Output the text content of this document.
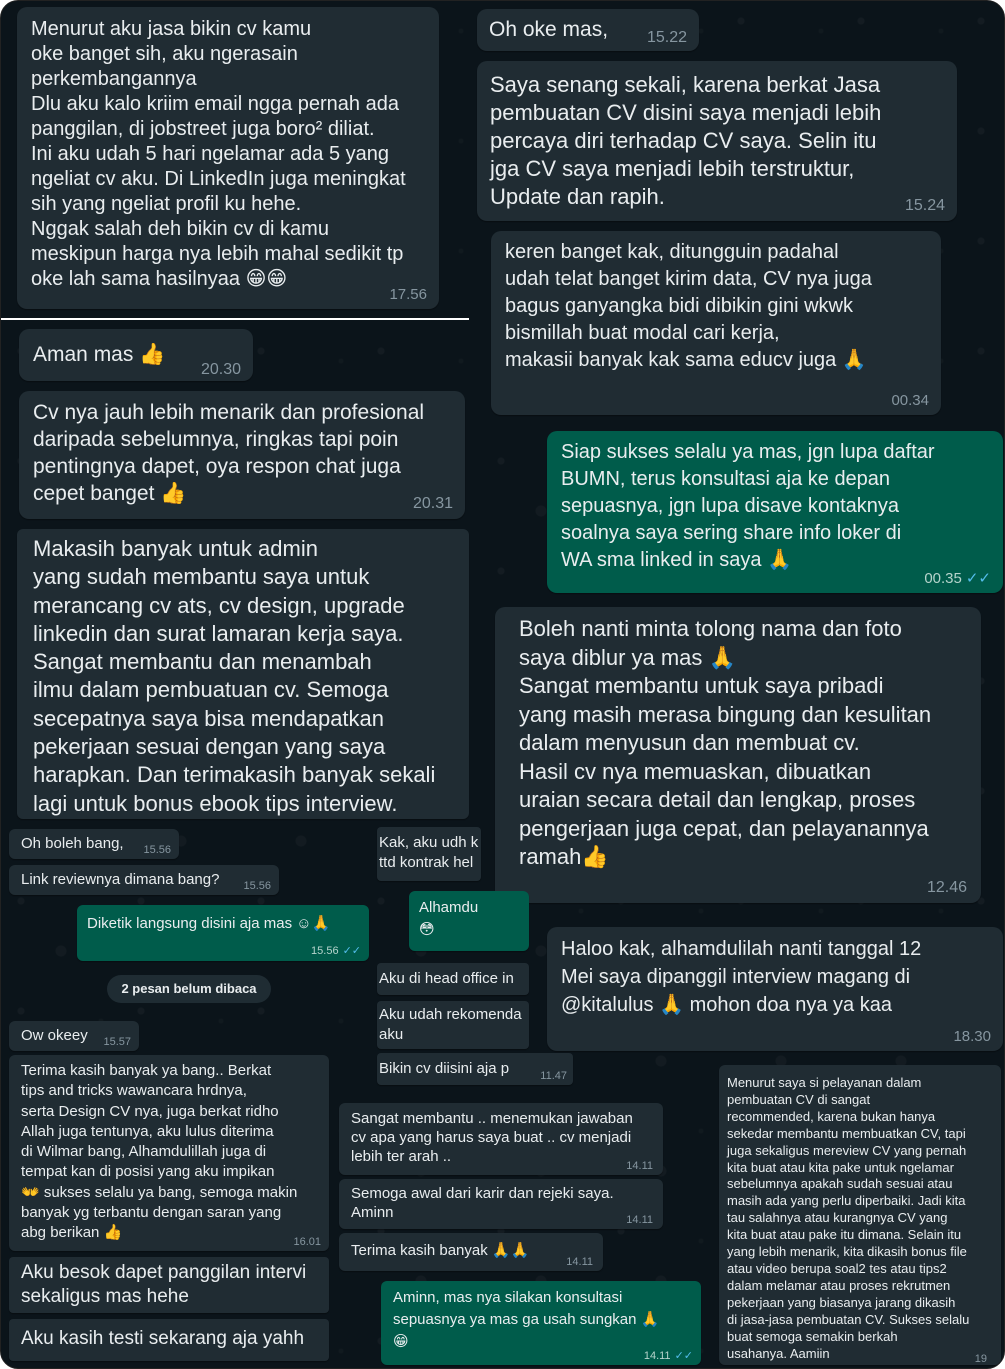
Menurut aku jasa bikin cv kamu
oke banget sih, aku ngerasain
perkembangannya
Dlu aku kalo kriim email ngga pernah ada
panggilan, di jobstreet juga boro² diliat.
Ini aku udah 5 hari ngelamar ada 5 yang
ngeliat cv aku. Di LinkedIn juga meningkat
sih yang ngeliat profil ku hehe.
Nggak salah deh bikin cv di kamu
meskipun harga nya lebih mahal sedikit tp
oke lah sama hasilnyaa 😁😁
17.56
Oh oke mas,	15.22
Saya senang sekali, karena berkat Jasa
pembuatan CV disini saya menjadi lebih
percaya diri terhadap CV saya. Selin itu
jga CV saya menjadi lebih terstruktur,
Update dan rapih.	15.24
keren banget kak, ditungguin padahal
udah telat banget kirim data, CV nya juga
bagus ganyangka bidi dibikin gini wkwk
bismillah buat modal cari kerja,
makasii banyak kak sama educv juga 🙏
00.34
Aman mas 👍
20.30
Cv nya jauh lebih menarik dan profesional
daripada sebelumnya, ringkas tapi poin
pentingnya dapet, oya respon chat juga
cepet banget 👍	20.31
Siap sukses selalu ya mas, jgn lupa daftar
BUMN, terus konsultasi aja ke depan
sepuasnya, jgn lupa disave kontaknya
soalnya saya sering share info loker di
WA sma linked in saya 🙏
00.35 ✓✓
Makasih banyak untuk admin
yang sudah membantu saya untuk
merancang cv ats, cv design, upgrade
linkedin dan surat lamaran kerja saya.
Sangat membantu dan menambah
ilmu dalam pembuatuan cv. Semoga
secepatnya saya bisa mendapatkan
pekerjaan sesuai dengan yang saya
harapkan. Dan terimakasih banyak sekali
lagi untuk bonus ebook tips interview.
Boleh nanti minta tolong nama dan foto
saya diblur ya mas 🙏
Sangat membantu untuk saya pribadi
yang masih merasa bingung dan kesulitan
dalam menyusun dan membuat cv.
Hasil cv nya memuaskan, dibuatkan
uraian secara detail dan lengkap, proses
pengerjaan juga cepat, dan pelayanannya
ramah👍
12.46
Oh boleh bang,	15.56
Link reviewnya dimana bang?	15.56
Diketik langsung disini aja mas ☺🙏
15.56 ✓✓
2 pesan belum dibaca
Ow okeey	15.57
Terima kasih banyak ya bang.. Berkat
tips and tricks wawancara hrdnya,
serta Design CV nya, juga berkat ridho
Allah juga tentunya, aku lulus diterima
di Wilmar bang, Alhamdulillah juga di
tempat kan di posisi yang aku impikan
👐 sukses selalu ya bang, semoga makin
banyak yg terbantu dengan saran yang
abg berikan 👍
16.01
Aku besok dapet panggilan intervi
sekaligus mas hehe
Aku kasih testi sekarang aja yahh
Kak, aku udh k
ttd kontrak hel
Alhamdu
😳
Aku di head office in
Aku udah rekomenda
aku
Bikin cv diisini aja p	11.47
Haloo kak, alhamdulilah nanti tanggal 12
Mei saya dipanggil interview magang di
@kitalulus 🙏 mohon doa nya ya kaa
18.30
Sangat membantu .. menemukan jawaban
cv apa yang harus saya buat .. cv menjadi
lebih ter arah ..
14.11
Semoga awal dari karir dan rejeki saya.
Aminn	14.11
Terima kasih banyak 🙏🙏
14.11
Aminn, mas nya silakan konsultasi
sepuasnya ya mas ga usah sungkan 🙏
😁
14.11 ✓✓
Menurut saya si pelayanan dalam
pembuatan CV di sangat
recommended, karena bukan hanya
sekedar membantu membuatkan CV, tapi
juga sekaligus mereview CV yang pernah
kita buat atau kita pake untuk ngelamar
sebelumnya apakah sudah sesuai atau
masih ada yang perlu diperbaiki. Jadi kita
tau salahnya atau kurangnya CV yang
kita buat atau pake itu dimana. Selain itu
yang lebih menarik, kita dikasih bonus file
atau video berupa soal2 tes atau tips2
dalam melamar atau proses rekrutmen
pekerjaan yang biasanya jarang dikasih
di jasa-jasa pembuatan CV. Sukses selalu
buat semoga semakin berkah
usahanya. Aamiin	19
